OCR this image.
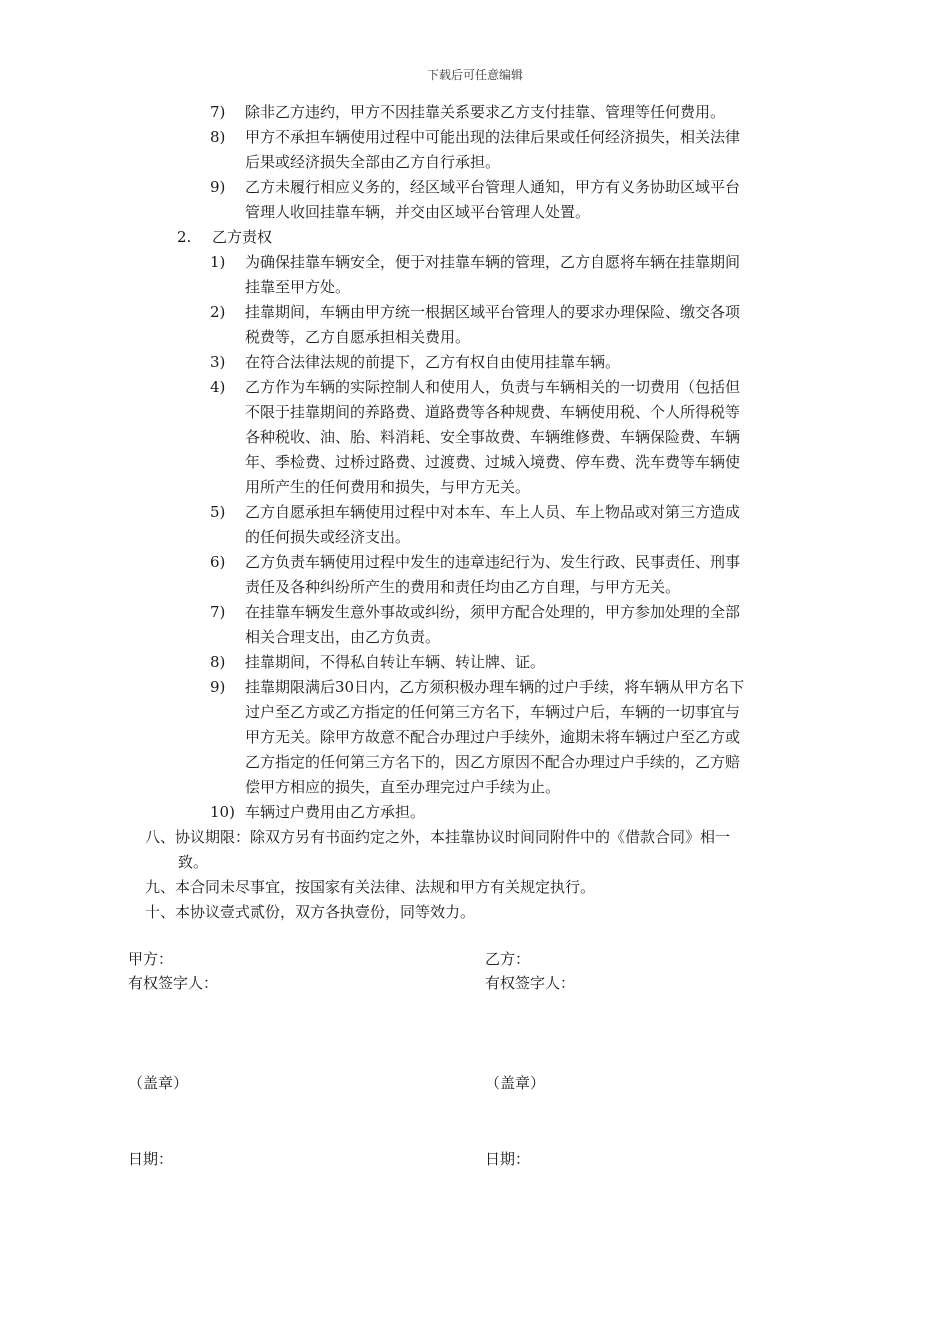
下载后可任意编辑
7) 除非乙方违约，甲方不因挂靠关系要求乙方支付挂靠、管理等任何费用。
8) 甲方不承担车辆使用过程中可能出现的法律后果或任何经济损失，相关法律
后果或经济损失全部由乙方自行承担。
9) 乙方未履行相应义务的，经区域平台管理人通知，甲方有义务协助区域平台
管理人收回挂靠车辆，并交由区域平台管理人处置。
2. 乙方责权
1) 为确保挂靠车辆安全，便于对挂靠车辆的管理，乙方自愿将车辆在挂靠期间
挂靠至甲方处。
2) 挂靠期间，车辆由甲方统一根据区域平台管理人的要求办理保险、缴交各项
税费等，乙方自愿承担相关费用。
3) 在符合法律法规的前提下，乙方有权自由使用挂靠车辆。
4) 乙方作为车辆的实际控制人和使用人，负责与车辆相关的一切费用（包括但
不限于挂靠期间的养路费、道路费等各种规费、车辆使用税、个人所得税等
各种税收、油、胎、料消耗、安全事故费、车辆维修费、车辆保险费、车辆
年、季检费、过桥过路费、过渡费、过城入境费、停车费、洗车费等车辆使
用所产生的任何费用和损失，与甲方无关。
5) 乙方自愿承担车辆使用过程中对本车、车上人员、车上物品或对第三方造成
的任何损失或经济支出。
6) 乙方负责车辆使用过程中发生的违章违纪行为、发生行政、民事责任、刑事
责任及各种纠纷所产生的费用和责任均由乙方自理，与甲方无关。
7) 在挂靠车辆发生意外事故或纠纷，须甲方配合处理的，甲方参加处理的全部
相关合理支出，由乙方负责。
8) 挂靠期间，不得私自转让车辆、转让牌、证。
9) 挂靠期限满后30日内，乙方须积极办理车辆的过户手续，将车辆从甲方名下
过户至乙方或乙方指定的任何第三方名下，车辆过户后，车辆的一切事宜与
甲方无关。除甲方故意不配合办理过户手续外，逾期未将车辆过户至乙方或
乙方指定的任何第三方名下的，因乙方原因不配合办理过户手续的，乙方赔
偿甲方相应的损失，直至办理完过户手续为止。
10) 车辆过户费用由乙方承担。
八、协议期限：除双方另有书面约定之外，本挂靠协议时间同附件中的《借款合同》相一
致。
九、本合同未尽事宜，按国家有关法律、法规和甲方有关规定执行。
十、本协议壹式贰份，双方各执壹份，同等效力。
甲方：
有权签字人：
（盖章）
日期：
乙方：
有权签字人：
（盖章）
日期：
